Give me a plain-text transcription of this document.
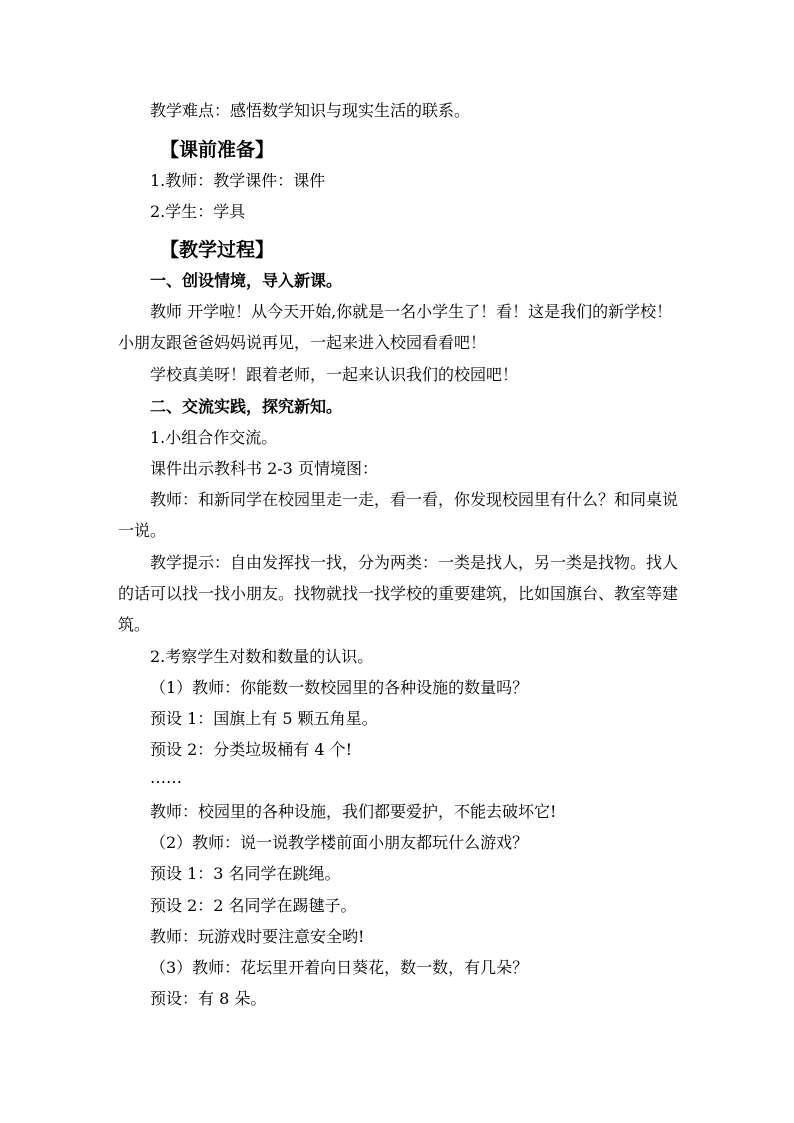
教学难点：感悟数学知识与现实生活的联系。
【课前准备】
1.教师：教学课件：课件
2.学生：学具
【教学过程】
一、创设情境，导入新课。
教师 开学啦！从今天开始,你就是一名小学生了！看！这是我们的新学校！
小朋友跟爸爸妈妈说再见，一起来进入校园看看吧！
学校真美呀！跟着老师，一起来认识我们的校园吧！
二、交流实践，探究新知。
1.小组合作交流。
课件出示教科书 2-3 页情境图：
教师：和新同学在校园里走一走，看一看，你发现校园里有什么？和同桌说
一说。
教学提示：自由发挥找一找，分为两类：一类是找人，另一类是找物。找人
的话可以找一找小朋友。找物就找一找学校的重要建筑，比如国旗台、教室等建
筑。
2.考察学生对数和数量的认识。
（1）教师：你能数一数校园里的各种设施的数量吗？
预设 1：国旗上有 5 颗五角星。
预设 2：分类垃圾桶有 4 个!
……
教师：校园里的各种设施，我们都要爱护，不能去破坏它!
（2）教师：说一说教学楼前面小朋友都玩什么游戏？
预设 1：3 名同学在跳绳。
预设 2：2 名同学在踢毽子。
教师：玩游戏时要注意安全哟!
（3）教师：花坛里开着向日葵花，数一数，有几朵？
预设：有 8 朵。
